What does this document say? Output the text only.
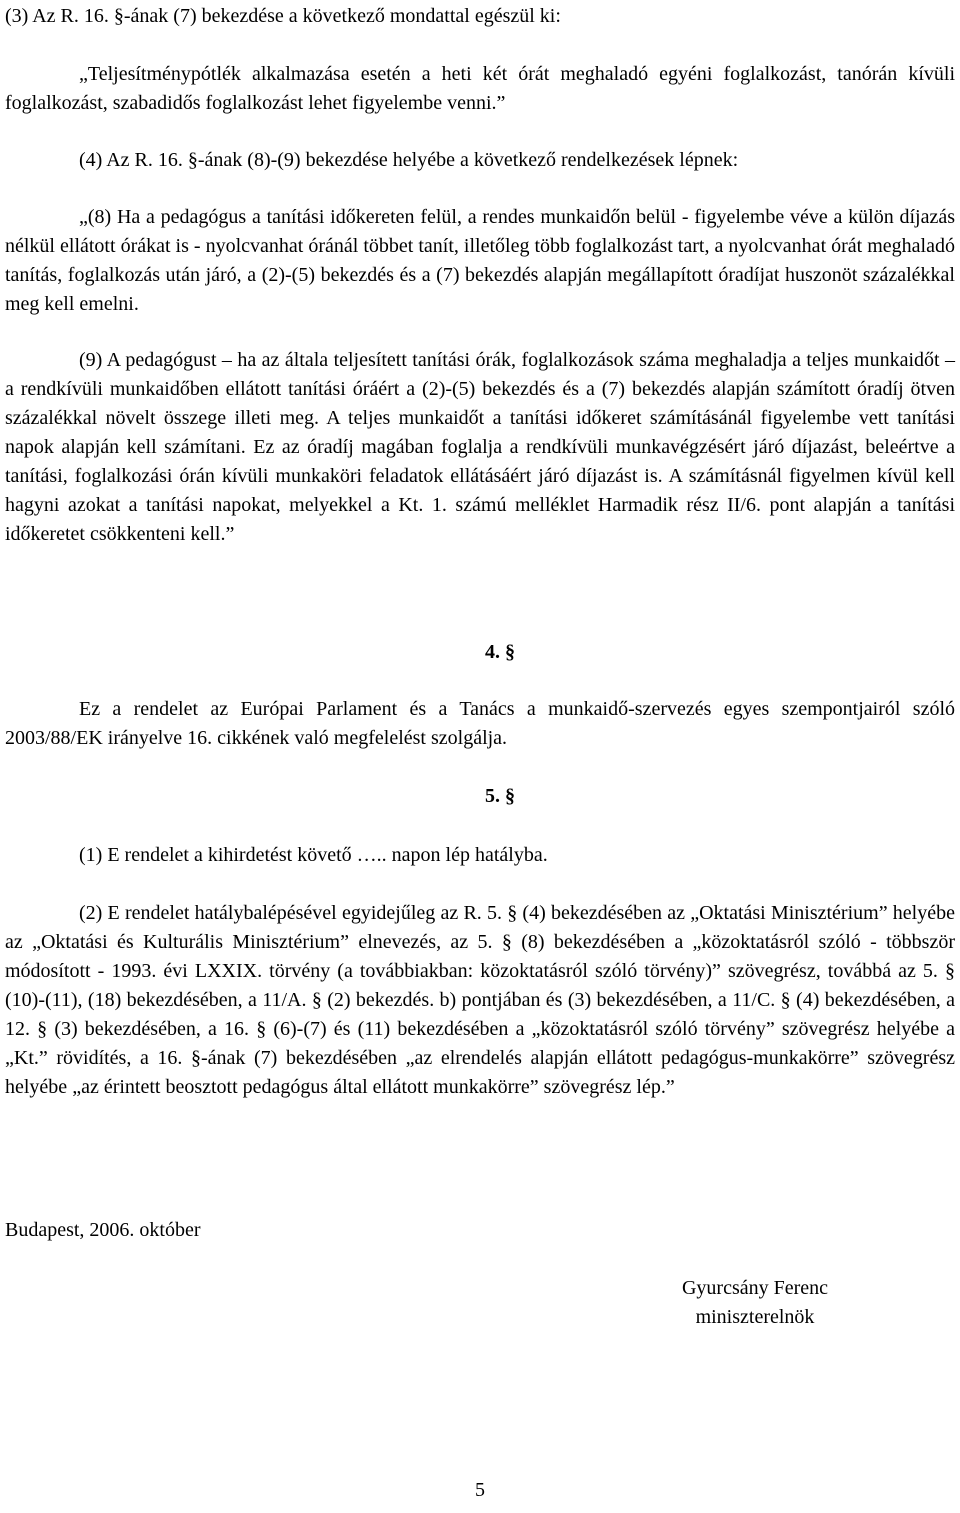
(3) Az R. 16. §-ának (7) bekezdése a következő mondattal egészül ki:

„Teljesítménypótlék alkalmazása esetén a heti két órát meghaladó egyéni foglalkozást, tanórán kívüli foglalkozást, szabadidős foglalkozást lehet figyelembe venni.”

(4) Az R. 16. §-ának (8)-(9) bekezdése helyébe a következő rendelkezések lépnek:

„(8) Ha a pedagógus a tanítási időkereten felül, a rendes munkaidőn belül - figyelembe véve a külön díjazás nélkül ellátott órákat is - nyolcvanhat óránál többet tanít, illetőleg több foglalkozást tart, a nyolcvanhat órát meghaladó tanítás, foglalkozás után járó, a (2)-(5) bekezdés és a (7) bekezdés alapján megállapított óradíjat huszonöt százalékkal meg kell emelni.

(9) A pedagógust – ha az általa teljesített tanítási órák, foglalkozások száma meghaladja a teljes munkaidőt – a rendkívüli munkaidőben ellátott tanítási óráért a (2)-(5) bekezdés és a (7) bekezdés alapján számított óradíj ötven százalékkal növelt összege illeti meg. A teljes munkaidőt a tanítási időkeret számításánál figyelembe vett tanítási napok alapján kell számítani. Ez az óradíj magában foglalja a rendkívüli munkavégzésért járó díjazást, beleértve a tanítási, foglalkozási órán kívüli munkaköri feladatok ellátásáért járó díjazást is. A számításnál figyelmen kívül kell hagyni azokat a tanítási napokat, melyekkel a Kt. 1. számú melléklet Harmadik rész II/6. pont alapján a tanítási időkeretet csökkenteni kell.”

4. §

Ez a rendelet az Európai Parlament és a Tanács a munkaidő-szervezés egyes szempontjairól szóló 2003/88/EK irányelve 16. cikkének való megfelelést szolgálja.

5. §

(1) E rendelet a kihirdetést követő ….. napon lép hatályba.

(2) E rendelet hatálybalépésével egyidejűleg az R. 5. § (4) bekezdésében az „Oktatási Minisztérium” helyébe az „Oktatási és Kulturális Minisztérium” elnevezés, az 5. § (8) bekezdésében a „közoktatásról szóló - többször módosított - 1993. évi LXXIX. törvény (a továbbiakban: közoktatásról szóló törvény)” szövegrész, továbbá az 5. § (10)-(11), (18) bekezdésében, a 11/A. § (2) bekezdés. b) pontjában és (3) bekezdésében, a 11/C. § (4) bekezdésében, a 12. § (3) bekezdésében, a 16. § (6)-(7) és (11) bekezdésében a „közoktatásról szóló törvény” szövegrész helyébe a „Kt.” rövidítés, a 16. §-ának (7) bekezdésében „az elrendelés alapján ellátott pedagógus-munkakörre” szövegrész helyébe „az érintett beosztott pedagógus által ellátott munkakörre” szövegrész lép.”

Budapest, 2006. október

Gyurcsány Ferenc
miniszterelnök
5
